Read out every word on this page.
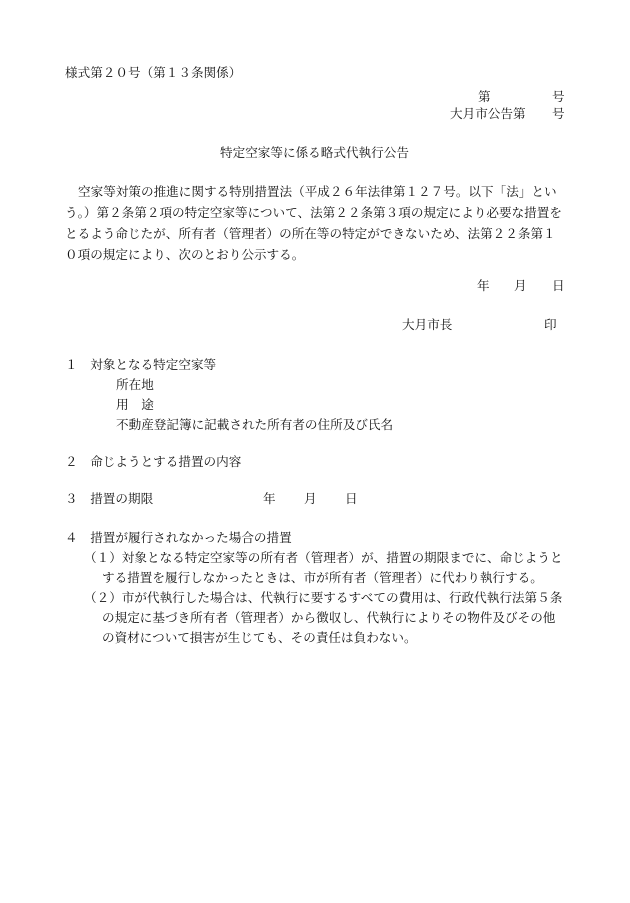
様式第２０号（第１３条関係）

第	号

大月市公告第 号

特定空家等に係る略式代執行公告

空家等対策の推進に関する特別措置法（平成２６年法律第１２７号。以下「法」とい

う。）第２条第２項の特定空家等について、法第２２条第３項の規定により必要な措置を

とるよう命じたが、所有者（管理者）の所在等の特定ができないため、法第２２条第１

０項の規定により、次のとおり公示する。

年 月 日

大月市長	印

１　対象となる特定空家等

所在地

用　途

不動産登記簿に記載された所有者の住所及び氏名

２　命じようとする措置の内容

３　措置の期限	年 月 日

４　措置が履行されなかった場合の措置

（１）対象となる特定空家等の所有者（管理者）が、措置の期限までに、命じようと

する措置を履行しなかったときは、市が所有者（管理者）に代わり執行する。

（２）市が代執行した場合は、代執行に要するすべての費用は、行政代執行法第５条

の規定に基づき所有者（管理者）から徴収し、代執行によりその物件及びその他

の資材について損害が生じても、その責任は負わない。
